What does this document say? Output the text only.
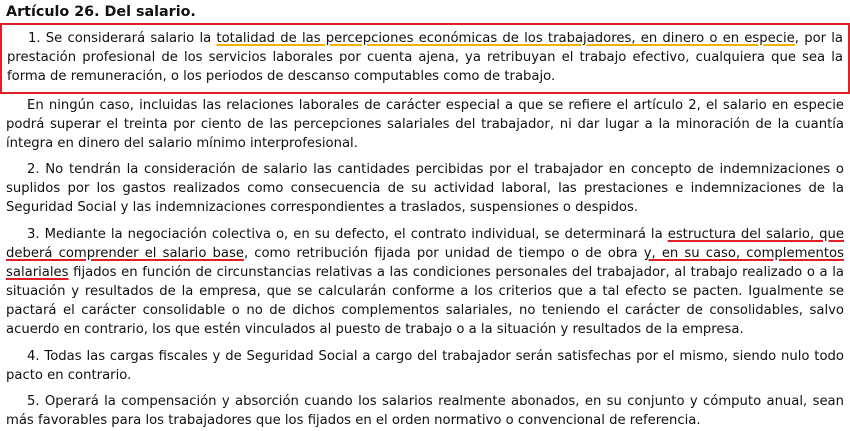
Artículo 26. Del salario.

1. Se considerará salario la totalidad de las percepciones económicas de los trabajadores, en dinero o en especie, por la prestación profesional de los servicios laborales por cuenta ajena, ya retribuyan el trabajo efectivo, cualquiera que sea la forma de remuneración, o los periodos de descanso computables como de trabajo.

En ningún caso, incluidas las relaciones laborales de carácter especial a que se refiere el artículo 2, el salario en especie podrá superar el treinta por ciento de las percepciones salariales del trabajador, ni dar lugar a la minoración de la cuantía íntegra en dinero del salario mínimo interprofesional.

2. No tendrán la consideración de salario las cantidades percibidas por el trabajador en concepto de indemnizaciones o suplidos por los gastos realizados como consecuencia de su actividad laboral, las prestaciones e indemnizaciones de la Seguridad Social y las indemnizaciones correspondientes a traslados, suspensiones o despidos.

3. Mediante la negociación colectiva o, en su defecto, el contrato individual, se determinará la estructura del salario, que deberá comprender el salario base, como retribución fijada por unidad de tiempo o de obra y, en su caso, complementos salariales fijados en función de circunstancias relativas a las condiciones personales del trabajador, al trabajo realizado o a la situación y resultados de la empresa, que se calcularán conforme a los criterios que a tal efecto se pacten. Igualmente se pactará el carácter consolidable o no de dichos complementos salariales, no teniendo el carácter de consolidables, salvo acuerdo en contrario, los que estén vinculados al puesto de trabajo o a la situación y resultados de la empresa.

4. Todas las cargas fiscales y de Seguridad Social a cargo del trabajador serán satisfechas por el mismo, siendo nulo todo pacto en contrario.

5. Operará la compensación y absorción cuando los salarios realmente abonados, en su conjunto y cómputo anual, sean más favorables para los trabajadores que los fijados en el orden normativo o convencional de referencia.
